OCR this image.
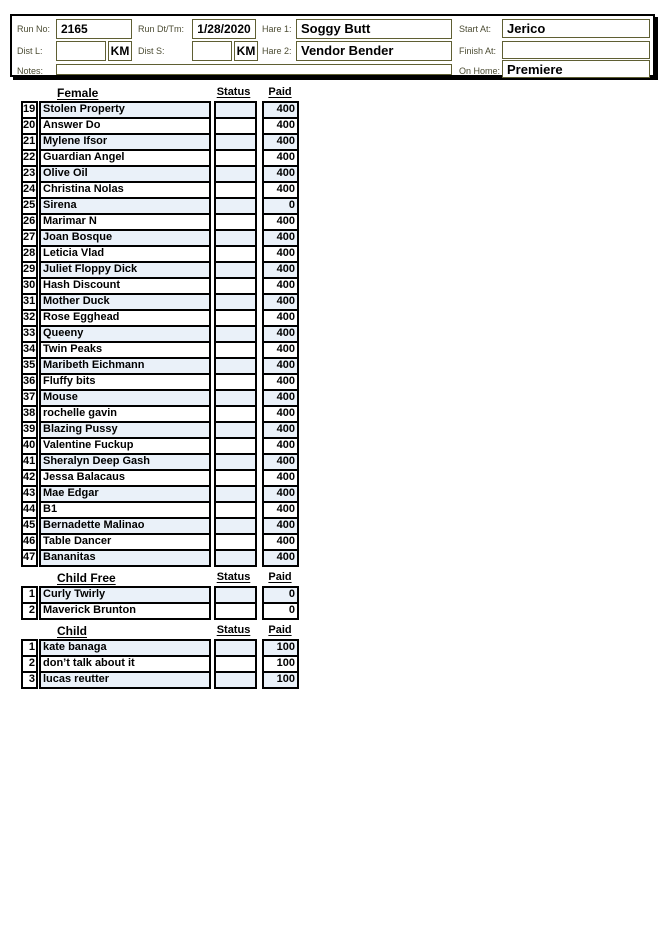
Run No: 2165	Run Dt/Tm:	1/28/2020	Hare 1: Soggy Butt	Start At:	Jerico
Dist L:	KM Dist S:	KM Hare 2: Vendor Bender	Finish At:
Notes:	On Home: Premiere
Female	Status	Paid
19 Stolen Property	400
20 Answer Do	400
21 Mylene Ifsor	400
22 Guardian Angel	400
23 Olive Oil	400
24 Christina Nolas	400
25 Sirena	0
26 Marimar N	400
27 Joan Bosque	400
28 Leticia Vlad	400
29 Juliet Floppy Dick	400
30 Hash Discount	400
31 Mother Duck	400
32 Rose Egghead	400
33 Queeny	400
34 Twin Peaks	400
35 Maribeth Eichmann	400
36 Fluffy bits	400
37 Mouse	400
38 rochelle gavin	400
39 Blazing Pussy	400
40 Valentine Fuckup	400
41 Sheralyn Deep Gash	400
42 Jessa Balacaus	400
43 Mae Edgar	400
44 B1	400
45 Bernadette Malinao	400
46 Table Dancer	400
47 Bananitas	400
Child Free	Status	Paid
1 Curly Twirly	0
2 Maverick Brunton	0
Child	Status	Paid
1 kate banaga	100
2 don’t talk about it	100
3 lucas reutter	100
